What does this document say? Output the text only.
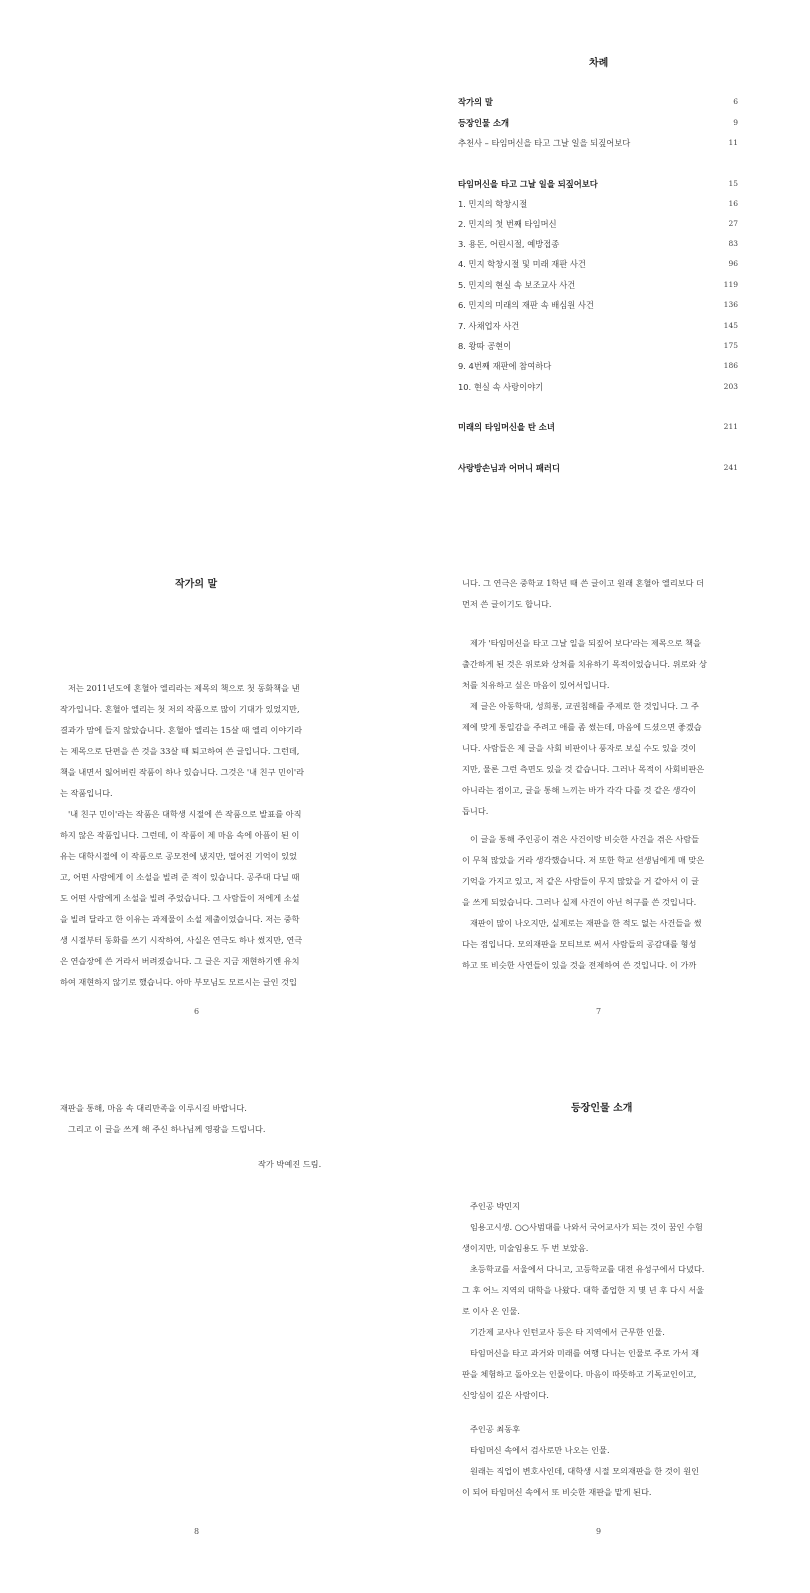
차례
작가의 말	6
등장인물 소개	9
추천사 – 타임머신을 타고 그날 일을 되짚어보다	11
타임머신을 타고 그날 일을 되짚어보다	15
1. 민지의 학창시절	16
2. 민지의 첫 번째 타임머신	27
3. 용돈, 어린시절, 예방접종	83
4. 민지 학창시절 및 미래 재판 사건	96
5. 민지의 현실 속 보조교사 사건	119
6. 민지의 미래의 재판 속 배심원 사건	136
7. 사채업자 사건	145
8. 왕따 공현이	175
9. 4번째 재판에 참여하다	186
10. 현실 속 사랑이야기	203
미래의 타임머신을 탄 소녀	211
사랑방손님과 어머니 패러디	241
작가의 말
저는 2011년도에 혼혈아 엘리라는 제목의 책으로 첫 동화책을 낸
작가입니다. 혼혈아 엘리는 첫 저의 작품으로 많이 기대가 있었지만,
결과가 맘에 들지 않았습니다. 혼혈아 엘리는 15살 때 엘리 이야기라
는 제목으로 단편을 쓴 것을 33살 때 퇴고하여 쓴 글입니다. 그런데,
책을 내면서 잃어버린 작품이 하나 있습니다. 그것은 '내 친구 민이'라
는 작품입니다.
'내 친구 민이'라는 작품은 대학생 시절에 쓴 작품으로 발표를 아직
하지 않은 작품입니다. 그런데, 이 작품이 제 마음 속에 아픔이 된 이
유는 대학시절에 이 작품으로 공모전에 냈지만, 떨어진 기억이 있었
고, 어떤 사람에게 이 소설을 빌려 준 적이 있습니다. 공주대 다닐 때
도 어떤 사람에게 소설을 빌려 주었습니다. 그 사람들이 저에게 소설
을 빌려 달라고 한 이유는 과제물이 소설 제출이었습니다. 저는 중학
생 시절부터 동화를 쓰기 시작하여, 사실은 연극도 하나 썼지만, 연극
은 연습장에 쓴 거라서 버려졌습니다. 그 글은 지금 재현하기엔 유치
하여 재현하지 않기로 했습니다. 아마 부모님도 모르시는 글인 것입
6
니다. 그 연극은 중학교 1학년 때 쓴 글이고 원래 혼혈아 엘리보다 더
먼저 쓴 글이기도 합니다.
제가 '타임머신을 타고 그날 일을 되짚어 보다'라는 제목으로 책을
출간하게 된 것은 위로와 상처를 치유하기 목적이었습니다. 위로와 상
처를 치유하고 싶은 마음이 있어서입니다.
제 글은 아동학대, 성희롱, 교권침해를 주제로 한 것입니다. 그 주
제에 맞게 통일감을 주려고 애를 좀 썼는데, 마음에 드셨으면 좋겠습
니다. 사람들은 제 글을 사회 비판이나 풍자로 보실 수도 있을 것이
지만, 물론 그런 측면도 있을 것 같습니다. 그러나 목적이 사회비판은
아니라는 점이고, 글을 통해 느끼는 바가 각각 다를 것 같은 생각이
듭니다.
이 글을 통해 주인공이 겪은 사건이랑 비슷한 사건을 겪은 사람들
이 무척 많았을 거라 생각했습니다. 저 또한 학교 선생님에게 매 맞은
기억을 가지고 있고, 저 같은 사람들이 무지 많았을 거 같아서 이 글
을 쓰게 되었습니다. 그러나 실제 사건이 아닌 허구를 쓴 것입니다.
재판이 많이 나오지만, 실제로는 재판을 한 적도 없는 사건들을 썼
다는 점입니다. 모의재판을 모티브로 써서 사람들의 공감대를 형성
하고 또 비슷한 사연들이 있을 것을 전제하여 쓴 것입니다. 이 가까
7
재판을 통해, 마음 속 대리만족을 이루시길 바랍니다.
그리고 이 글을 쓰게 해 주신 하나님께 영광을 드립니다.
작가 박예진 드림.
8
등장인물 소개
주인공 박민지
임용고시생. ○○사범대를 나와서 국어교사가 되는 것이 꿈인 수험
생이지만, 미술임용도 두 번 보았음.
초등학교를 서울에서 다니고, 고등학교를 대전 유성구에서 다녔다.
그 후 어느 지역의 대학을 나왔다. 대학 졸업한 지 몇 년 후 다시 서울
로 이사 온 인물.
기간제 교사나 인턴교사 등은 타 지역에서 근무한 인물.
타임머신을 타고 과거와 미래를 여행 다니는 인물로 주로 가서 재
판을 체험하고 돌아오는 인물이다. 마음이 따뜻하고 기독교인이고,
신앙심이 깊은 사람이다.
주인공 최동후
타임머신 속에서 검사로만 나오는 인물.
원래는 직업이 변호사인데, 대학생 시절 모의재판을 한 것이 원인
이 되어 타임머신 속에서 또 비슷한 재판을 맡게 된다.
9
